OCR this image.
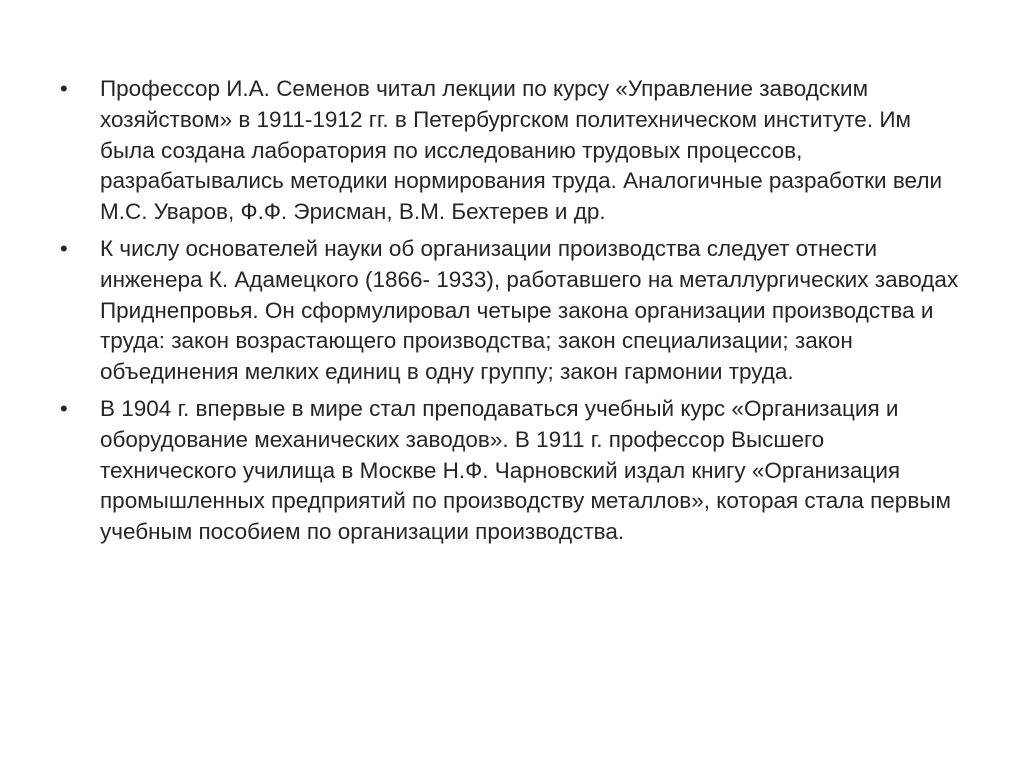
• Профессор И.А. Семенов читал лекции по курсу «Управление заводским хозяйством» в 1911-1912 гг. в Петербургском политехническом институте. Им была создана лаборатория по исследованию трудовых процессов, разрабатывались методики нормирования труда. Аналогичные разработки вели М.С. Уваров, Ф.Ф. Эрисман, В.М. Бехтерев и др.
• К числу основателей науки об организации производства следует отнести инженера К. Адамецкого (1866- 1933), работавшего на металлургических заводах Приднепровья. Он сформулировал четыре закона организации производства и труда: закон возрастающего производства; закон специализации; закон объединения мелких единиц в одну группу; закон гармонии труда.
• В 1904 г. впервые в мире стал преподаваться учебный курс «Организация и оборудование механических заводов». В 1911 г. профессор Высшего технического училища в Москве Н.Ф. Чарновский издал книгу «Организация промышленных предприятий по производству металлов», которая стала первым учебным пособием по организации производства.
